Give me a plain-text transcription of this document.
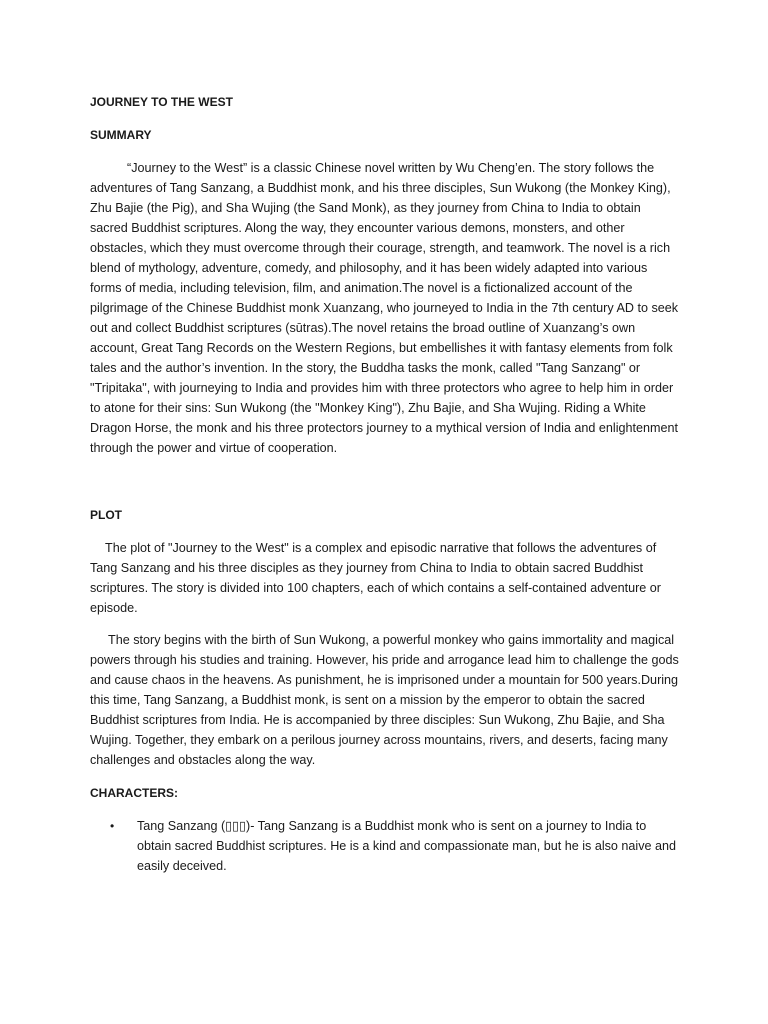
JOURNEY TO THE WEST

SUMMARY

“Journey to the West” is a classic Chinese novel written by Wu Cheng’en. The story follows the adventures of Tang Sanzang, a Buddhist monk, and his three disciples, Sun Wukong (the Monkey King), Zhu Bajie (the Pig), and Sha Wujing (the Sand Monk), as they journey from China to India to obtain sacred Buddhist scriptures. Along the way, they encounter various demons, monsters, and other obstacles, which they must overcome through their courage, strength, and teamwork. The novel is a rich blend of mythology, adventure, comedy, and philosophy, and it has been widely adapted into various forms of media, including television, film, and animation.The novel is a fictionalized account of the pilgrimage of the Chinese Buddhist monk Xuanzang, who journeyed to India in the 7th century AD to seek out and collect Buddhist scriptures (sūtras).The novel retains the broad outline of Xuanzang’s own account, Great Tang Records on the Western Regions, but embellishes it with fantasy elements from folk tales and the author’s invention. In the story, the Buddha tasks the monk, called "Tang Sanzang" or "Tripitaka", with journeying to India and provides him with three protectors who agree to help him in order to atone for their sins: Sun Wukong (the "Monkey King"), Zhu Bajie, and Sha Wujing. Riding a White Dragon Horse, the monk and his three protectors journey to a mythical version of India and enlightenment through the power and virtue of cooperation.

PLOT

The plot of "Journey to the West" is a complex and episodic narrative that follows the adventures of Tang Sanzang and his three disciples as they journey from China to India to obtain sacred Buddhist scriptures. The story is divided into 100 chapters, each of which contains a self-contained adventure or episode.

The story begins with the birth of Sun Wukong, a powerful monkey who gains immortality and magical powers through his studies and training. However, his pride and arrogance lead him to challenge the gods and cause chaos in the heavens. As punishment, he is imprisoned under a mountain for 500 years.During this time, Tang Sanzang, a Buddhist monk, is sent on a mission by the emperor to obtain the sacred Buddhist scriptures from India. He is accompanied by three disciples: Sun Wukong, Zhu Bajie, and Sha Wujing. Together, they embark on a perilous journey across mountains, rivers, and deserts, facing many challenges and obstacles along the way.

CHARACTERS:

• Tang Sanzang (▯▯▯)- Tang Sanzang is a Buddhist monk who is sent on a journey to India to obtain sacred Buddhist scriptures. He is a kind and compassionate man, but he is also naive and easily deceived.
